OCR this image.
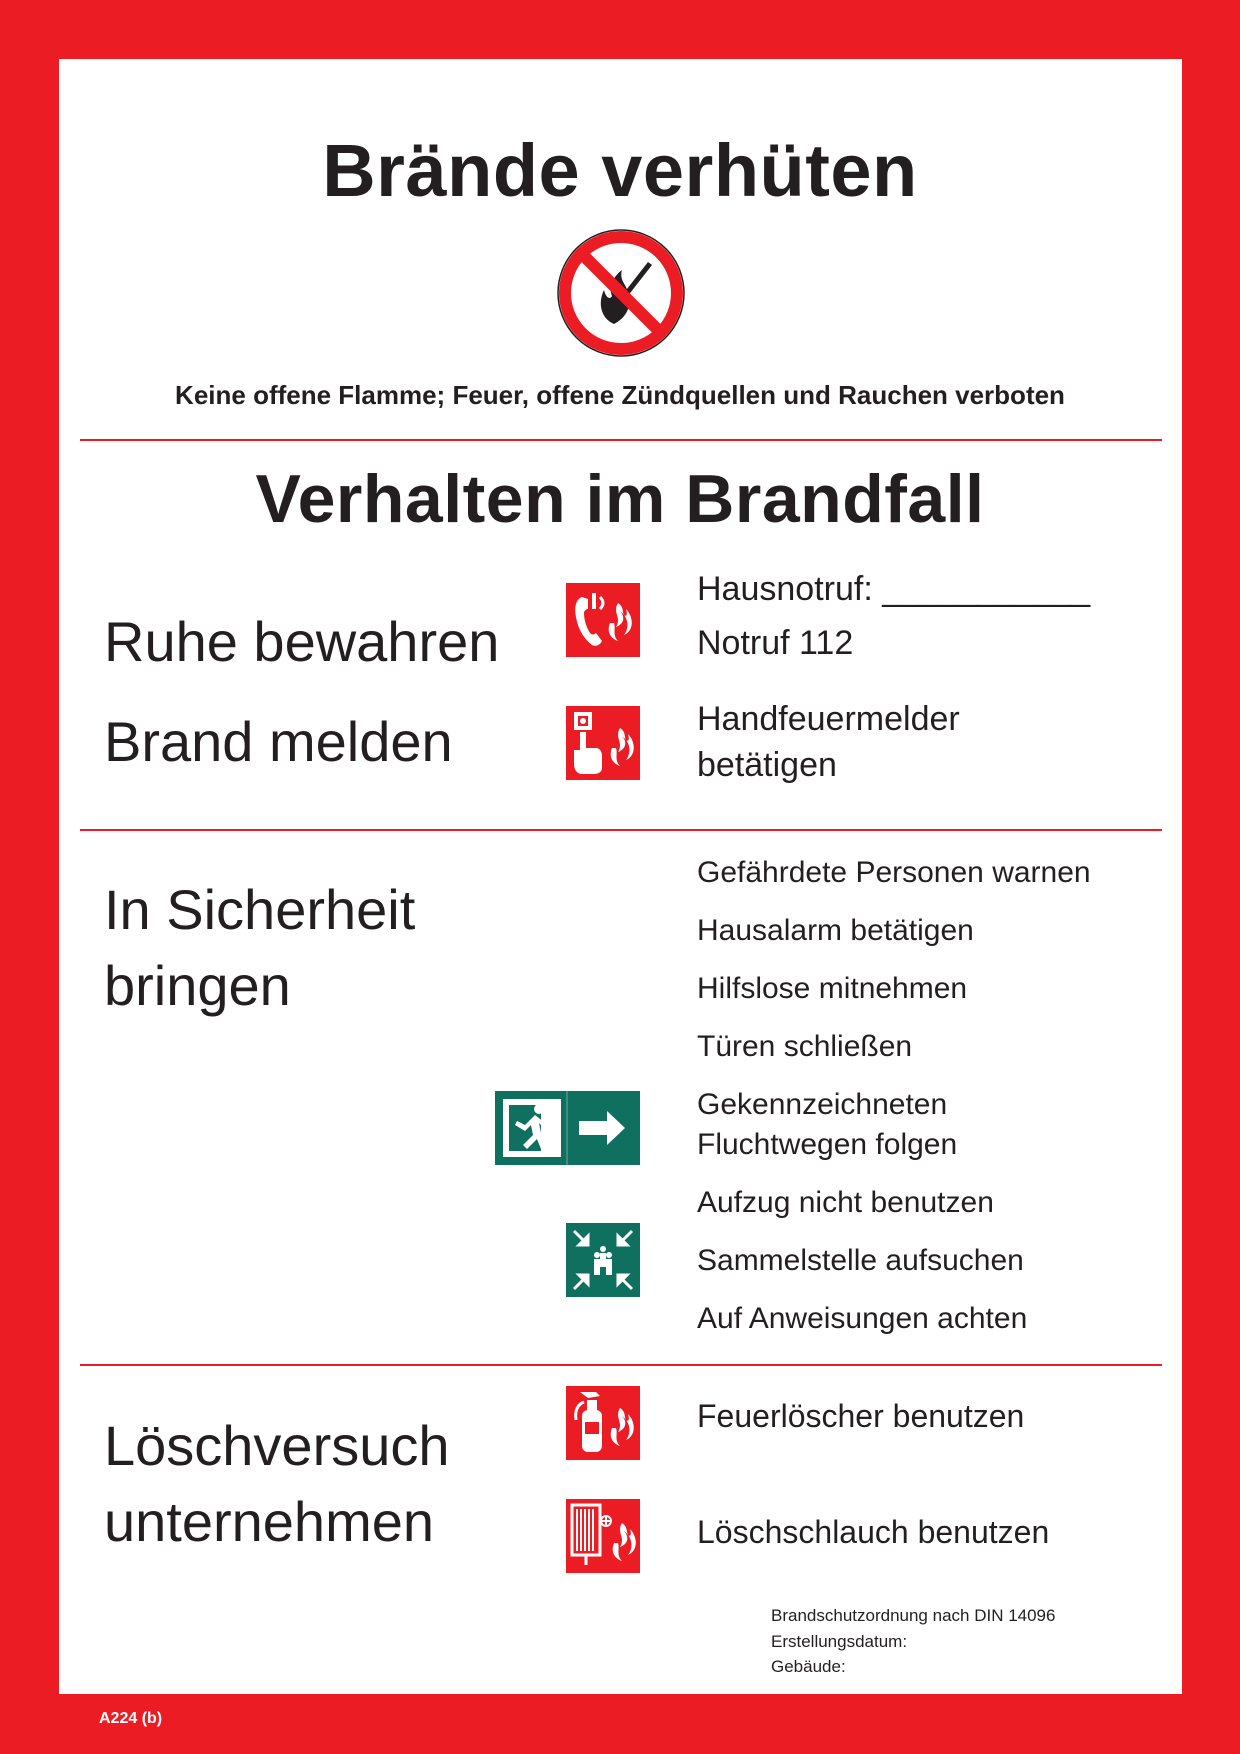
Brände verhüten
Keine offene Flamme; Feuer, offene Zündquellen und Rauchen verboten
Verhalten im Brandfall
Ruhe bewahren
Hausnotruf: ___________
Notruf 112
Brand melden	Handfeuermelder
betätigen
In Sicherheit
bringen
Gefährdete Personen warnen
Hausalarm betätigen
Hilfslose mitnehmen
Türen schließen
Gekennzeichneten
Fluchtwegen folgen
Aufzug nicht benutzen
Sammelstelle aufsuchen
Auf Anweisungen achten
Löschversuch
unternehmen
Feuerlöscher benutzen
Löschschlauch benutzen
Brandschutzordnung nach DIN 14096
Erstellungsdatum:
Gebäude:
A224 (b)
